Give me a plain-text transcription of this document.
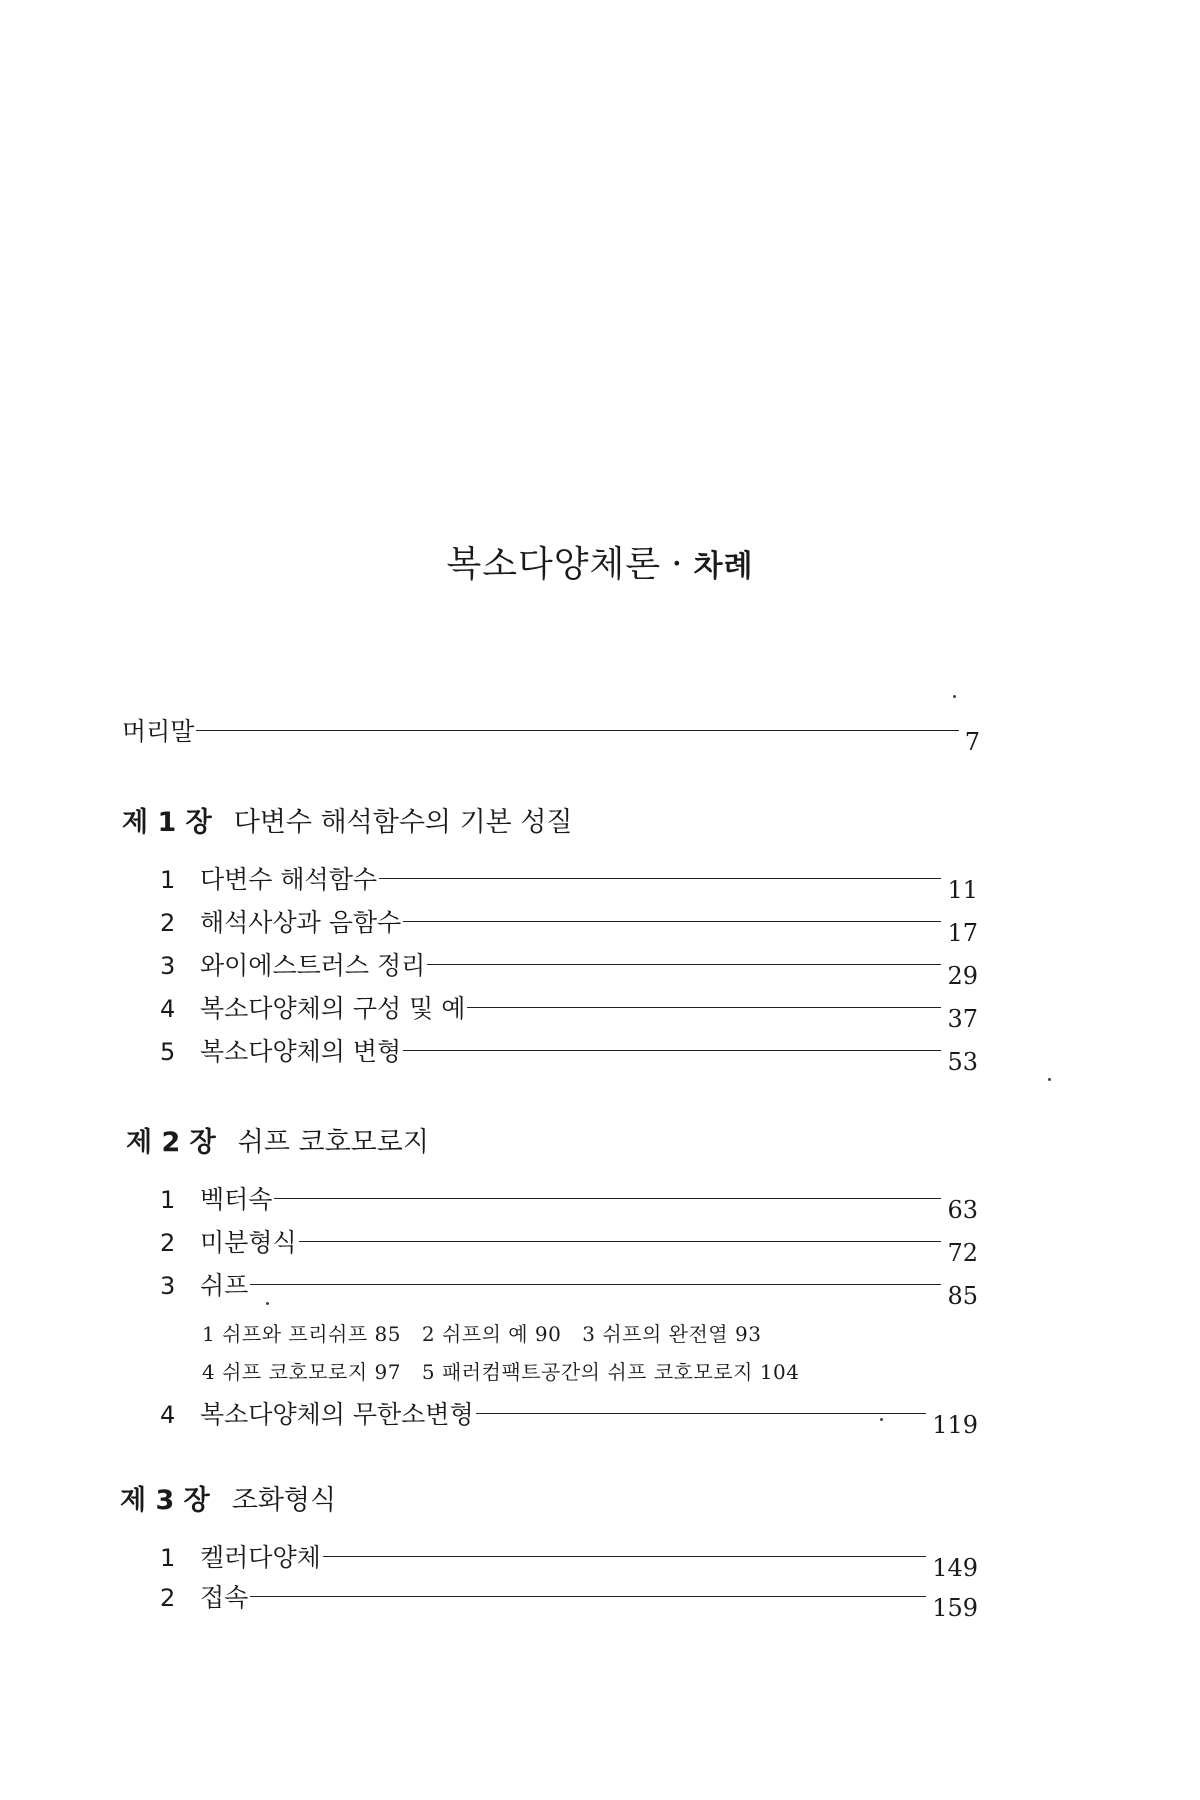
복소다양체론 · 차례
머리말	7
제 1 장 다변수 해석함수의 기본 성질
1 다변수 해석함수	11
2 해석사상과 음함수	17
3 와이에스트러스 정리	29
4 복소다양체의 구성 및 예	37
5 복소다양체의 변형	53
제 2 장 쉬프 코호모로지
1 벡터속	63
2 미분형식	72
3 쉬프	85
1 쉬프와 프리쉬프 85 2 쉬프의 예 90 3 쉬프의 완전열 93
4 쉬프 코호모로지 97 5 패러컴팩트공간의 쉬프 코호모로지 104
4 복소다양체의 무한소변형	119
제 3 장 조화형식
1 켈러다양체	149
2 접속	159
